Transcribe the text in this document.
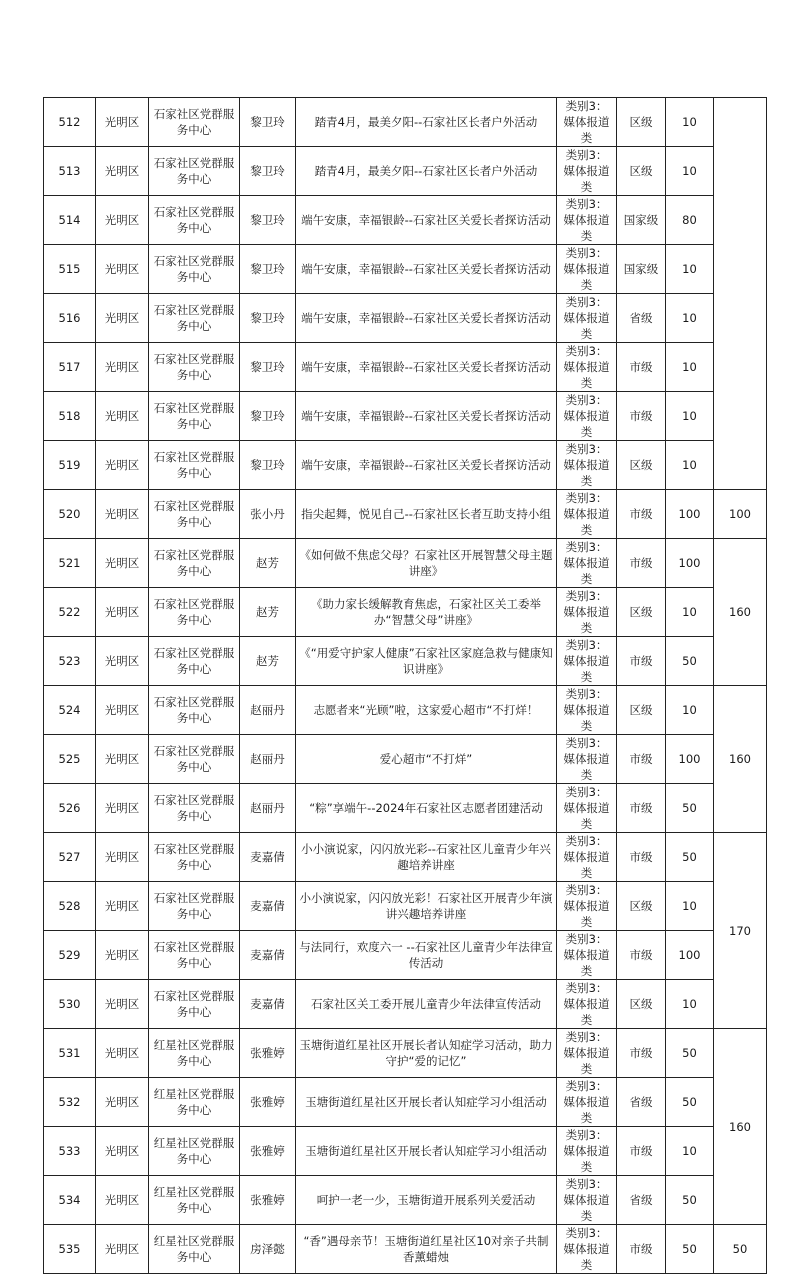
512	光明区	石家社区党群服务中心	黎卫玲	踏青4月，最美夕阳--石家社区长者户外活动	类别3：媒体报道类	区级	10	
513	光明区	石家社区党群服务中心	黎卫玲	踏青4月，最美夕阳--石家社区长者户外活动	类别3：媒体报道类	区级	10	
514	光明区	石家社区党群服务中心	黎卫玲	端午安康，幸福银龄--石家社区关爱长者探访活动	类别3：媒体报道类	国家级	80	
515	光明区	石家社区党群服务中心	黎卫玲	端午安康，幸福银龄--石家社区关爱长者探访活动	类别3：媒体报道类	国家级	10	
516	光明区	石家社区党群服务中心	黎卫玲	端午安康，幸福银龄--石家社区关爱长者探访活动	类别3：媒体报道类	省级	10	
517	光明区	石家社区党群服务中心	黎卫玲	端午安康，幸福银龄--石家社区关爱长者探访活动	类别3：媒体报道类	市级	10	
518	光明区	石家社区党群服务中心	黎卫玲	端午安康，幸福银龄--石家社区关爱长者探访活动	类别3：媒体报道类	市级	10	
519	光明区	石家社区党群服务中心	黎卫玲	端午安康，幸福银龄--石家社区关爱长者探访活动	类别3：媒体报道类	区级	10	
520	光明区	石家社区党群服务中心	张小丹	指尖起舞，悦见自己--石家社区长者互助支持小组	类别3：媒体报道类	市级	100	100
521	光明区	石家社区党群服务中心	赵芳	《如何做不焦虑父母？石家社区开展智慧父母主题讲座》	类别3：媒体报道类	市级	100	160
522	光明区	石家社区党群服务中心	赵芳	《助力家长缓解教育焦虑，石家社区关工委举办“智慧父母”讲座》	类别3：媒体报道类	区级	10	
523	光明区	石家社区党群服务中心	赵芳	《“用爱守护家人健康”石家社区家庭急救与健康知识讲座》	类别3：媒体报道类	市级	50	
524	光明区	石家社区党群服务中心	赵丽丹	志愿者来“光顾”啦，这家爱心超市“不打烊！	类别3：媒体报道类	区级	10	160
525	光明区	石家社区党群服务中心	赵丽丹	爱心超市“不打烊”	类别3：媒体报道类	市级	100	
526	光明区	石家社区党群服务中心	赵丽丹	“粽”享端午--2024年石家社区志愿者团建活动	类别3：媒体报道类	市级	50	
527	光明区	石家社区党群服务中心	麦嘉倩	小小演说家，闪闪放光彩--石家社区儿童青少年兴趣培养讲座	类别3：媒体报道类	市级	50	170
528	光明区	石家社区党群服务中心	麦嘉倩	小小演说家，闪闪放光彩！石家社区开展青少年演讲兴趣培养讲座	类别3：媒体报道类	区级	10	
529	光明区	石家社区党群服务中心	麦嘉倩	与法同行，欢度六一 --石家社区儿童青少年法律宣传活动	类别3：媒体报道类	市级	100	
530	光明区	石家社区党群服务中心	麦嘉倩	石家社区关工委开展儿童青少年法律宣传活动	类别3：媒体报道类	区级	10	
531	光明区	红星社区党群服务中心	张雅婷	玉塘街道红星社区开展长者认知症学习活动，助力守护“爱的记忆”	类别3：媒体报道类	市级	50	160
532	光明区	红星社区党群服务中心	张雅婷	玉塘街道红星社区开展长者认知症学习小组活动	类别3：媒体报道类	省级	50	
533	光明区	红星社区党群服务中心	张雅婷	玉塘街道红星社区开展长者认知症学习小组活动	类别3：媒体报道类	市级	10	
534	光明区	红星社区党群服务中心	张雅婷	呵护一老一少，玉塘街道开展系列关爱活动	类别3：媒体报道类	省级	50	
535	光明区	红星社区党群服务中心	房泽懿	“香”遇母亲节！玉塘街道红星社区10对亲子共制香薰蜡烛	类别3：媒体报道类	市级	50	50
